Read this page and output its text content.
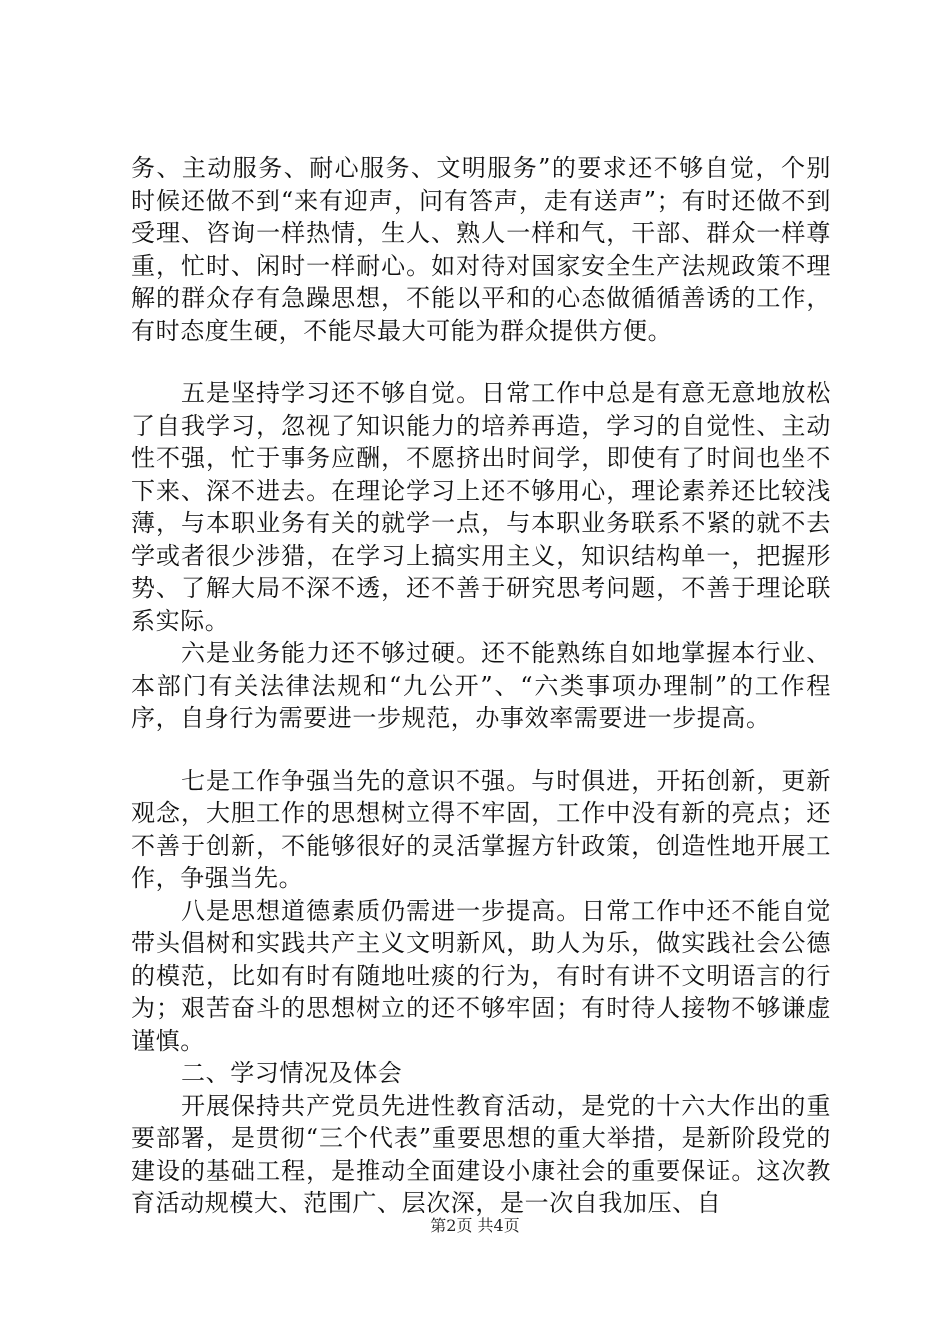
务、主动服务、耐心服务、文明服务”的要求还不够自觉，个别时候还做不到“来有迎声，问有答声，走有送声”；有时还做不到受理、咨询一样热情，生人、熟人一样和气，干部、群众一样尊重，忙时、闲时一样耐心。如对待对国家安全生产法规政策不理解的群众存有急躁思想，不能以平和的心态做循循善诱的工作，有时态度生硬，不能尽最大可能为群众提供方便。

五是坚持学习还不够自觉。日常工作中总是有意无意地放松了自我学习，忽视了知识能力的培养再造，学习的自觉性、主动性不强，忙于事务应酬，不愿挤出时间学，即使有了时间也坐不下来、深不进去。在理论学习上还不够用心，理论素养还比较浅薄，与本职业务有关的就学一点，与本职业务联系不紧的就不去学或者很少涉猎，在学习上搞实用主义，知识结构单一，把握形势、了解大局不深不透，还不善于研究思考问题，不善于理论联系实际。

六是业务能力还不够过硬。还不能熟练自如地掌握本行业、本部门有关法律法规和“九公开”、“六类事项办理制”的工作程序，自身行为需要进一步规范，办事效率需要进一步提高。

七是工作争强当先的意识不强。与时俱进，开拓创新，更新观念，大胆工作的思想树立得不牢固，工作中没有新的亮点；还不善于创新，不能够很好的灵活掌握方针政策，创造性地开展工作，争强当先。

八是思想道德素质仍需进一步提高。日常工作中还不能自觉带头倡树和实践共产主义文明新风，助人为乐，做实践社会公德的模范，比如有时有随地吐痰的行为，有时有讲不文明语言的行为；艰苦奋斗的思想树立的还不够牢固；有时待人接物不够谦虚谨慎。

二、学习情况及体会

开展保持共产党员先进性教育活动，是党的十六大作出的重要部署，是贯彻“三个代表”重要思想的重大举措，是新阶段党的建设的基础工程，是推动全面建设小康社会的重要保证。这次教育活动规模大、范围广、层次深，是一次自我加压、自

第2页 共4页
